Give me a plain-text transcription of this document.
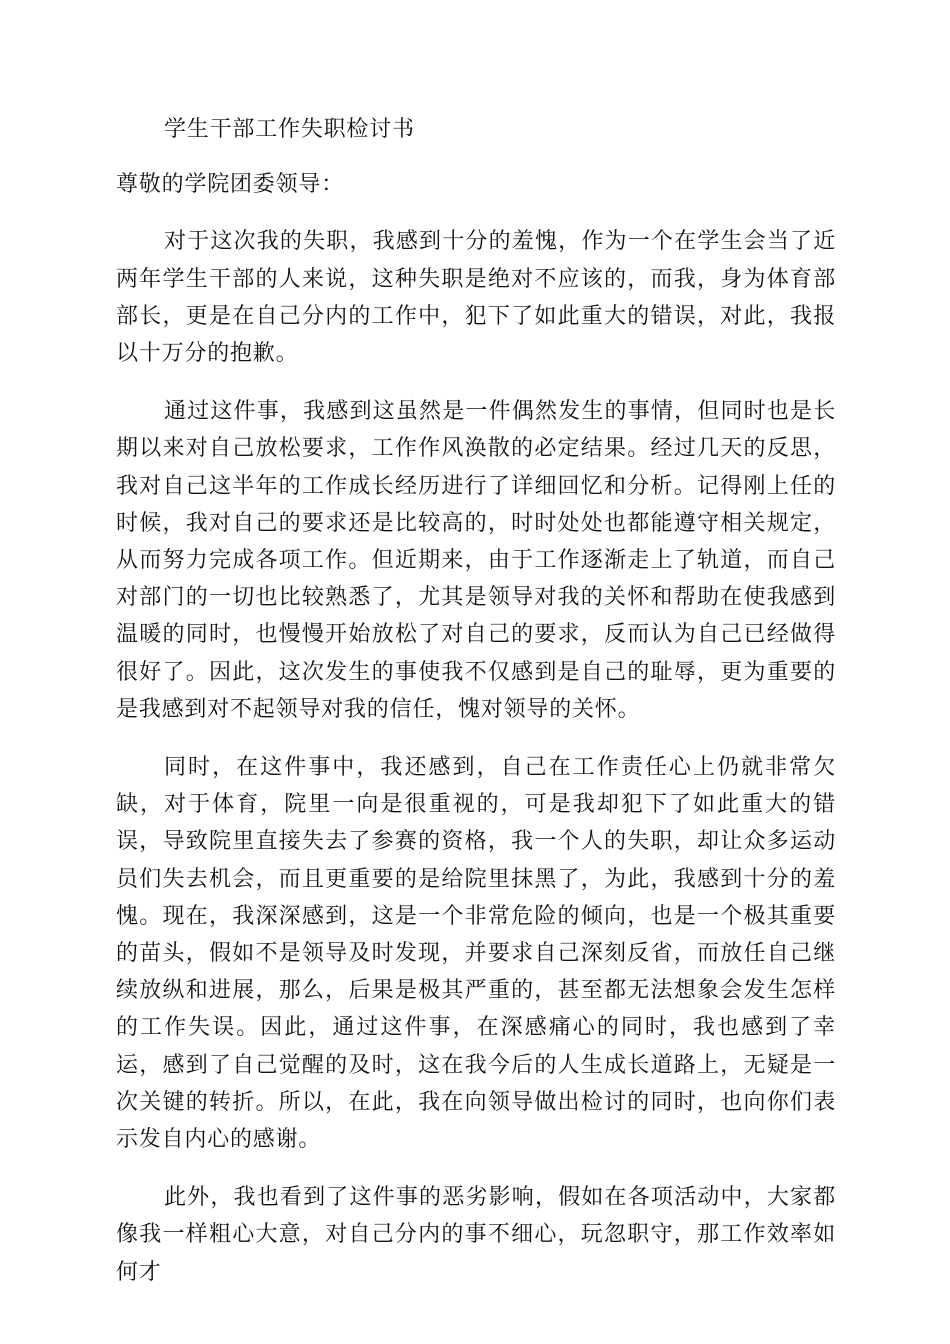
学生干部工作失职检讨书

尊敬的学院团委领导：

对于这次我的失职，我感到十分的羞愧，作为一个在学生会当了近两年学生干部的人来说，这种失职是绝对不应该的，而我，身为体育部部长，更是在自己分内的工作中，犯下了如此重大的错误，对此，我报以十万分的抱歉。

通过这件事，我感到这虽然是一件偶然发生的事情，但同时也是长期以来对自己放松要求，工作作风涣散的必定结果。经过几天的反思，我对自己这半年的工作成长经历进行了详细回忆和分析。记得刚上任的时候，我对自己的要求还是比较高的，时时处处也都能遵守相关规定，从而努力完成各项工作。但近期来，由于工作逐渐走上了轨道，而自己对部门的一切也比较熟悉了，尤其是领导对我的关怀和帮助在使我感到温暖的同时，也慢慢开始放松了对自己的要求，反而认为自己已经做得很好了。因此，这次发生的事使我不仅感到是自己的耻辱，更为重要的是我感到对不起领导对我的信任，愧对领导的关怀。

同时，在这件事中，我还感到，自己在工作责任心上仍就非常欠缺，对于体育，院里一向是很重视的，可是我却犯下了如此重大的错误，导致院里直接失去了参赛的资格，我一个人的失职，却让众多运动员们失去机会，而且更重要的是给院里抹黑了，为此，我感到十分的羞愧。现在，我深深感到，这是一个非常危险的倾向，也是一个极其重要的苗头，假如不是领导及时发现，并要求自己深刻反省，而放任自己继续放纵和进展，那么，后果是极其严重的，甚至都无法想象会发生怎样的工作失误。因此，通过这件事，在深感痛心的同时，我也感到了幸运，感到了自己觉醒的及时，这在我今后的人生成长道路上，无疑是一次关键的转折。所以，在此，我在向领导做出检讨的同时，也向你们表示发自内心的感谢。

此外，我也看到了这件事的恶劣影响，假如在各项活动中，大家都像我一样粗心大意，对自己分内的事不细心，玩忽职守，那工作效率如何才
